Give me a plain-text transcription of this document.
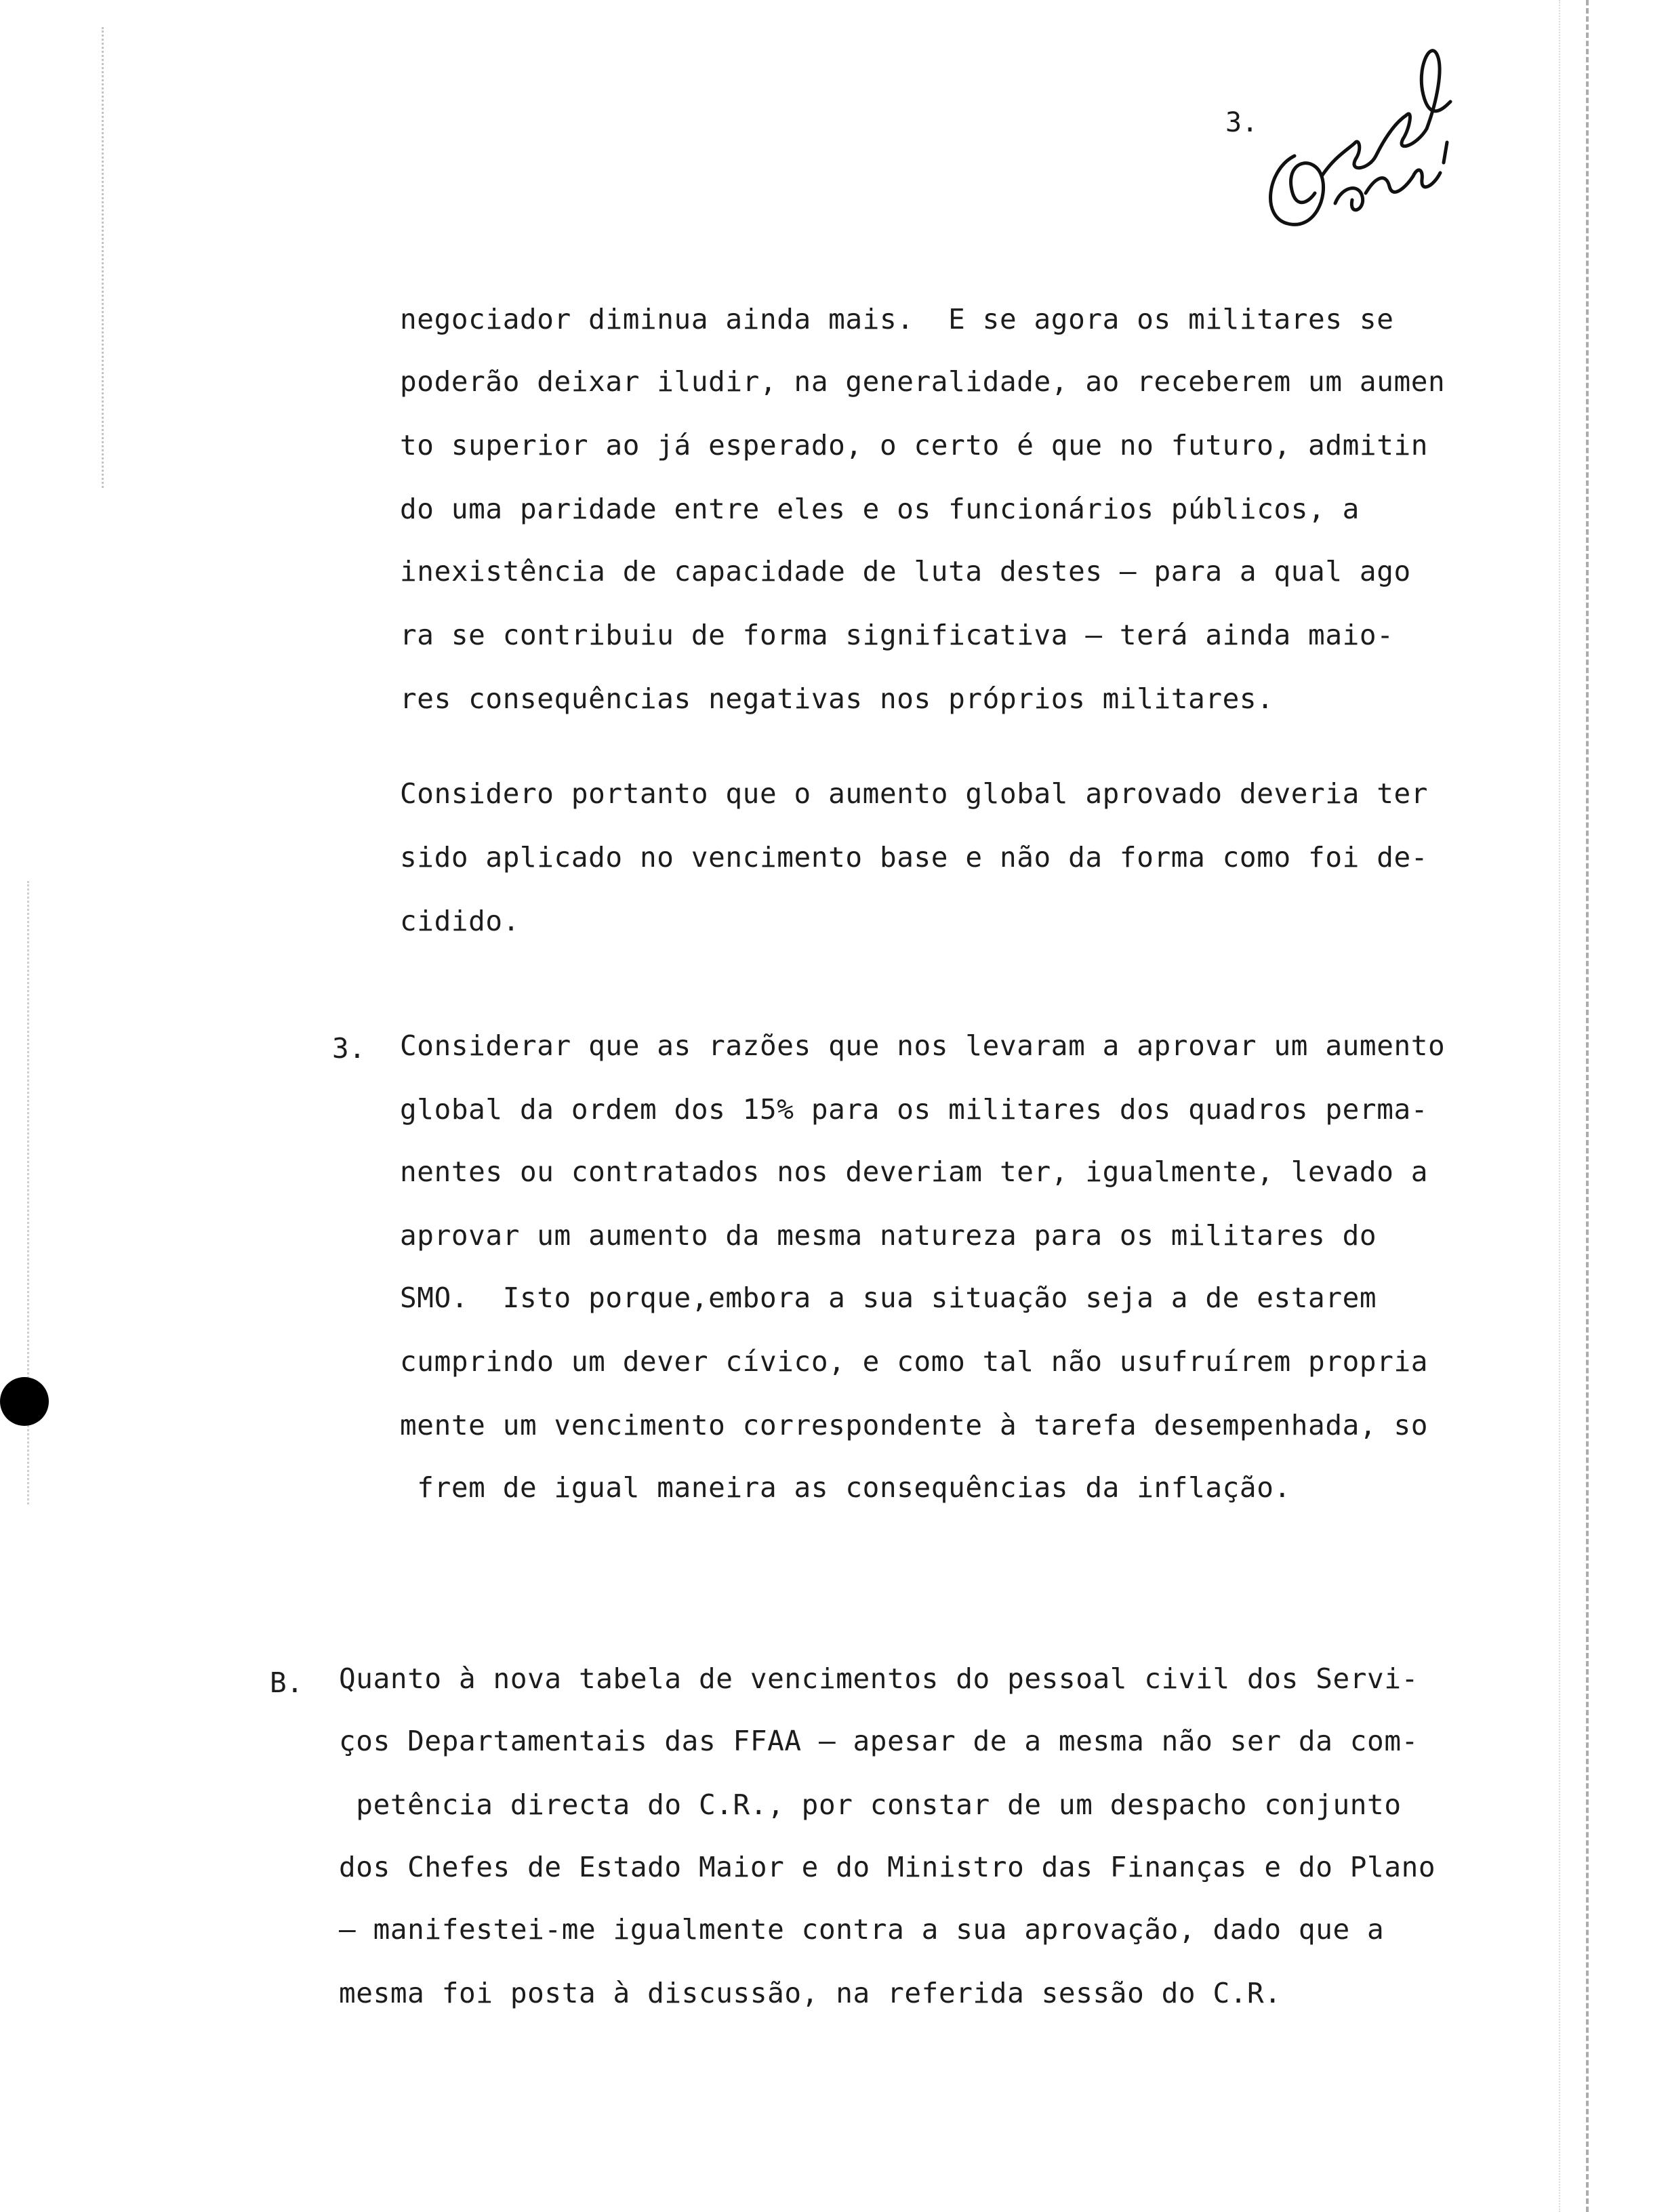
3.
negociador diminua ainda mais.  E se agora os militares se
poderão deixar iludir, na generalidade, ao receberem um aumen
to superior ao já esperado, o certo é que no futuro, admitin
do uma paridade entre eles e os funcionários públicos, a
inexistência de capacidade de luta destes — para a qual ago
ra se contribuiu de forma significativa — terá ainda maio-
res consequências negativas nos próprios militares.
Considero portanto que o aumento global aprovado deveria ter
sido aplicado no vencimento base e não da forma como foi de-
cidido.
3. Considerar que as razões que nos levaram a aprovar um aumento
global da ordem dos 15% para os militares dos quadros perma-
nentes ou contratados nos deveriam ter, igualmente, levado a
aprovar um aumento da mesma natureza para os militares do
SMO.  Isto porque,embora a sua situação seja a de estarem
cumprindo um dever cívico, e como tal não usufruírem propria
mente um vencimento correspondente à tarefa desempenhada, so
frem de igual maneira as consequências da inflação.
B. Quanto à nova tabela de vencimentos do pessoal civil dos Servi-
ços Departamentais das FFAA — apesar de a mesma não ser da com-
petência directa do C.R., por constar de um despacho conjunto
dos Chefes de Estado Maior e do Ministro das Finanças e do Plano
— manifestei-me igualmente contra a sua aprovação, dado que a
mesma foi posta à discussão, na referida sessão do C.R.
